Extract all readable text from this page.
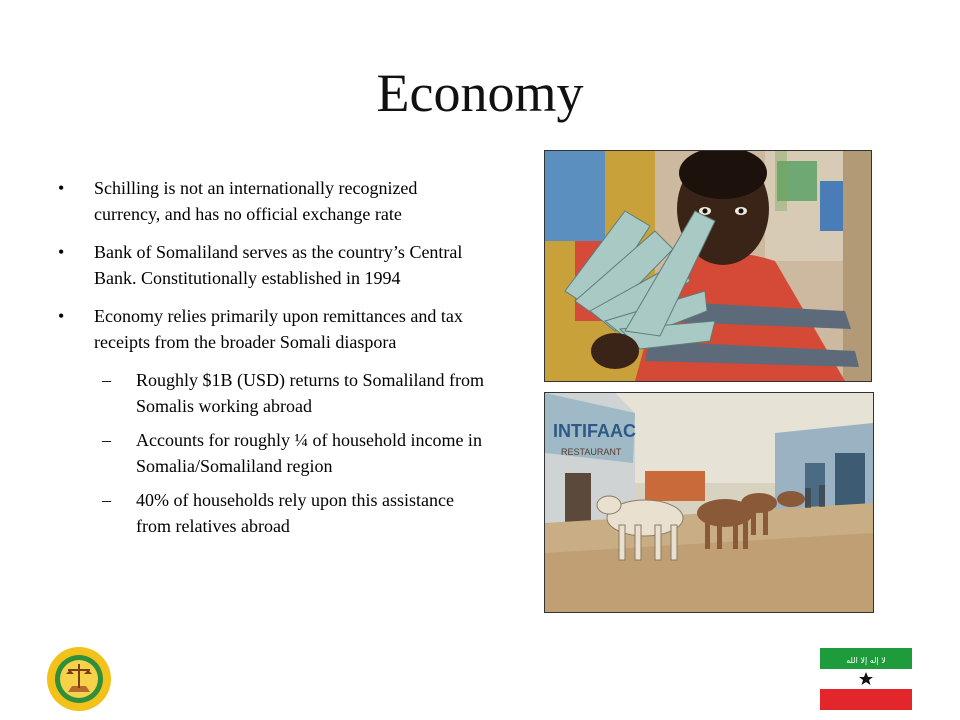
Economy
• Schilling is not an internationally recognized currency, and has no official exchange rate
• Bank of Somaliland serves as the country’s Central Bank. Constitutionally established in 1994
• Economy relies primarily upon remittances and tax receipts from the broader Somali diaspora
– Roughly $1B (USD) returns to Somaliland from Somalis working abroad
– Accounts for roughly ¼ of household income in Somalia/Somaliland region
– 40% of households rely upon this assistance from relatives abroad
INTIFAAC
RESTAURANT
لا إله إلا الله
